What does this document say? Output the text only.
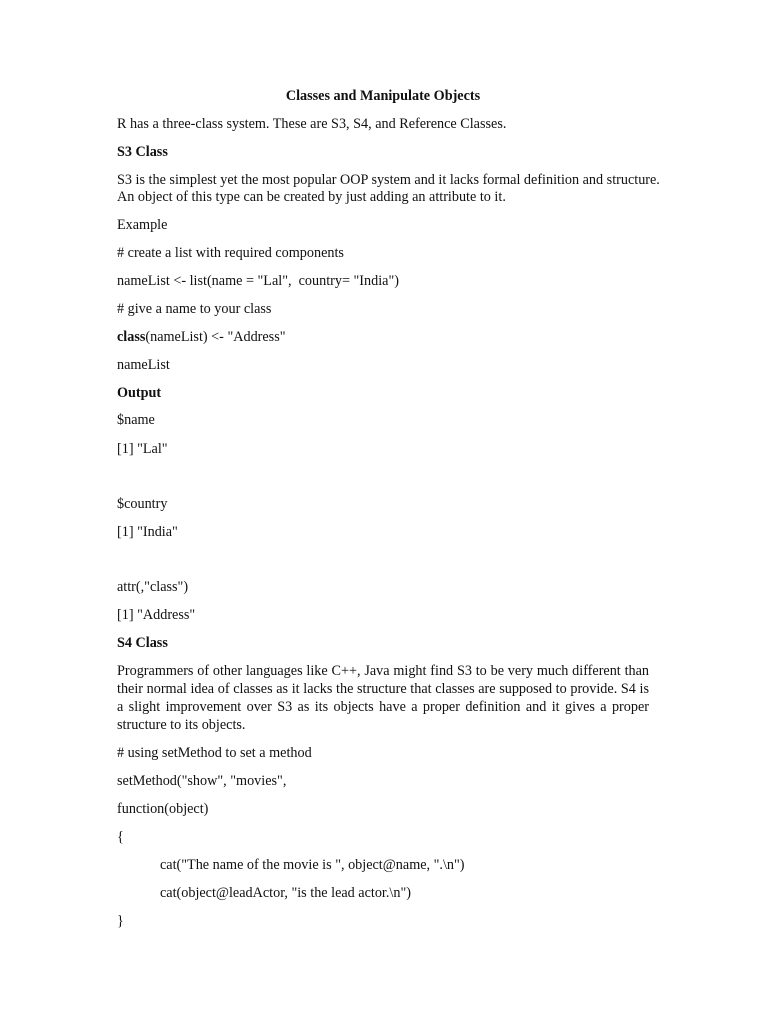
Classes and Manipulate Objects
R has a three-class system. These are S3, S4, and Reference Classes.
S3 Class
S3 is the simplest yet the most popular OOP system and it lacks formal definition and structure.
An object of this type can be created by just adding an attribute to it.
Example
# create a list with required components
nameList <- list(name = "Lal",  country= "India")
# give a name to your class
class(nameList) <- "Address"
nameList
Output
$name
[1] "Lal"
$country
[1] "India"
attr(,"class")
[1] "Address"
S4 Class
Programmers of other languages like C++, Java might find S3 to be very much different than
their normal idea of classes as it lacks the structure that classes are supposed to provide. S4 is
a slight improvement over S3 as its objects have a proper definition and it gives a proper
structure to its objects.
# using setMethod to set a method
setMethod("show", "movies",
function(object)
{
cat("The name of the movie is ", object@name, ".\n")
cat(object@leadActor, "is the lead actor.\n")
}
